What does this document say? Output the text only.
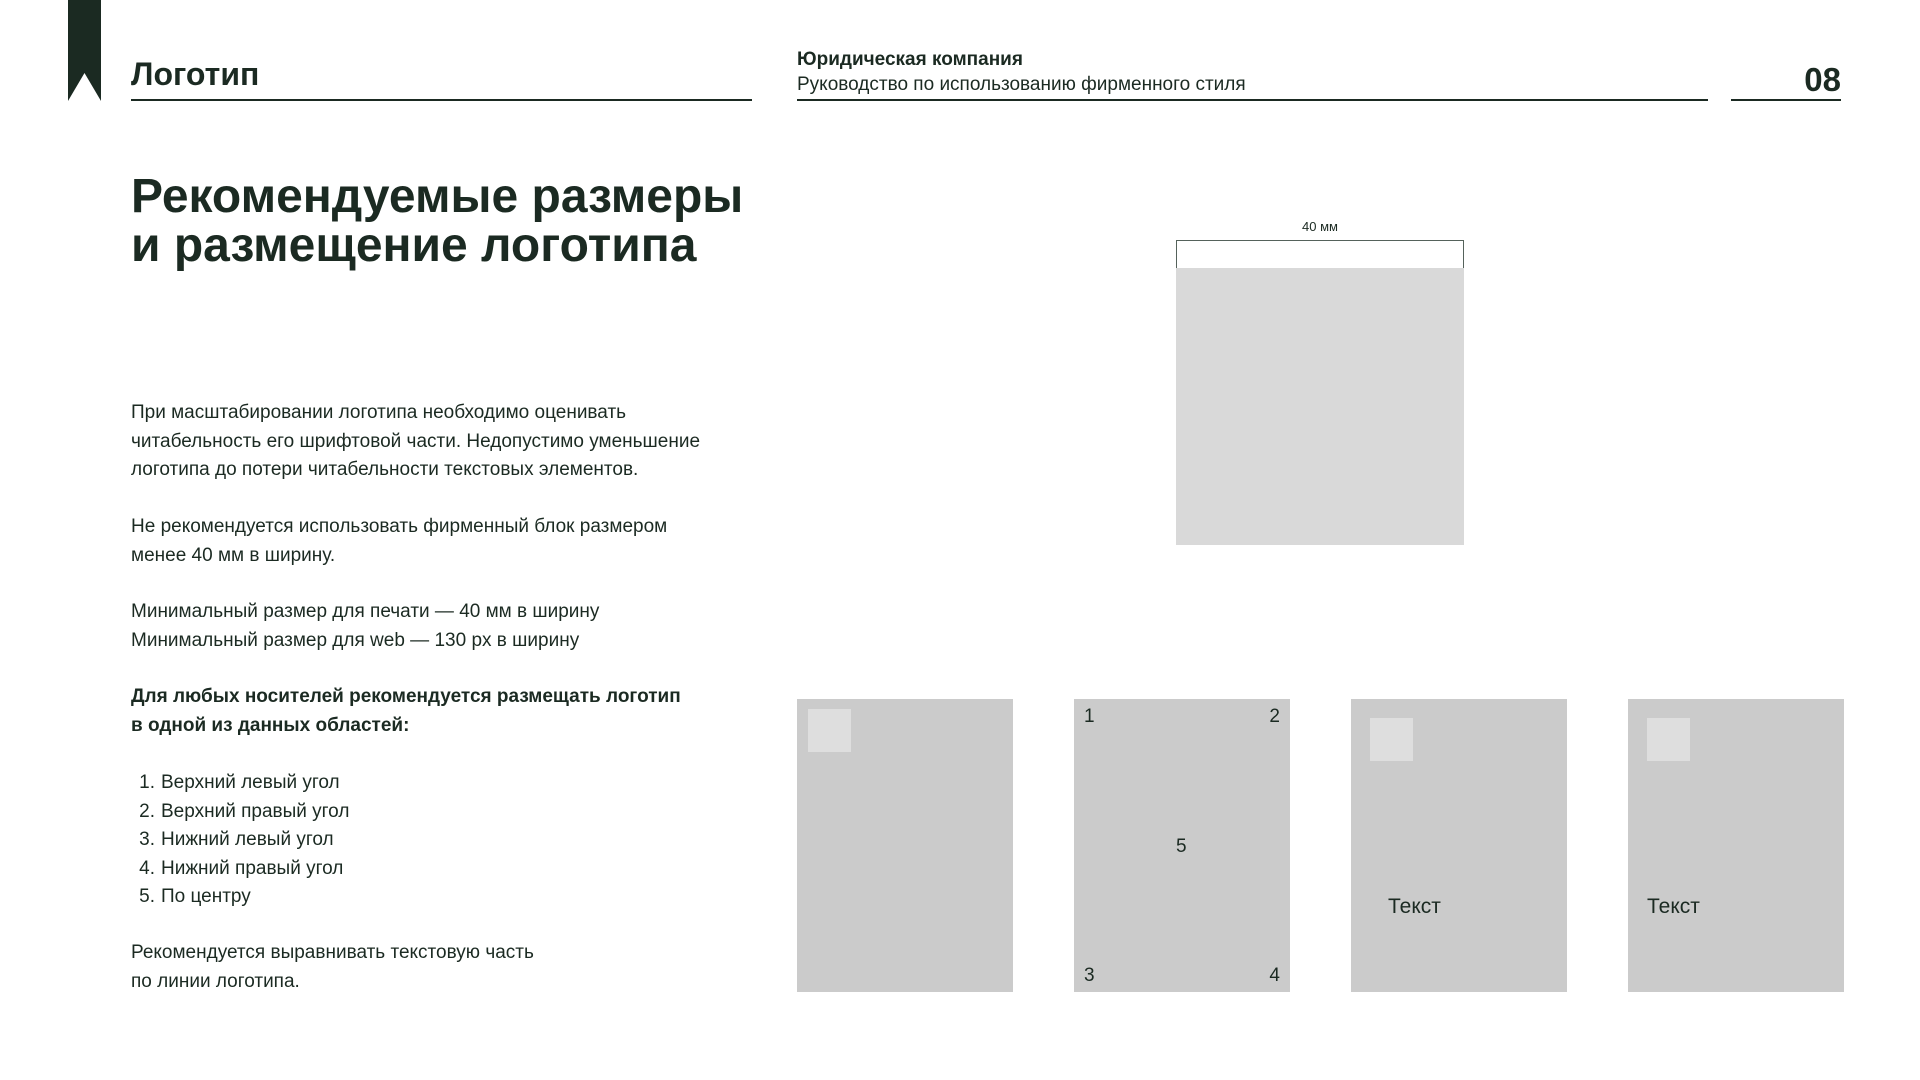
Логотип	Юридическая компания
Руководство по использованию фирменного стиля	08
Рекомендуемые размеры
и размещение логотипа
При масштабировании логотипа необходимо оценивать
читабельность его шрифтовой части. Недопустимо уменьшение
логотипа до потери читабельности текстовых элементов.
Не рекомендуется использовать фирменный блок размером
менее 40 мм в ширину.
Минимальный размер для печати — 40 мм в ширину
Минимальный размер для web — 130 px в ширину
Для любых носителей рекомендуется размещать логотип
в одной из данных областей:
1. Верхний левый угол
2. Верхний правый угол
3. Нижний левый угол
4. Нижний правый угол
5. По центру
Рекомендуется выравнивать текстовую часть
по линии логотипа.
40 мм
1	2
3	4
5
Текст	Текст
